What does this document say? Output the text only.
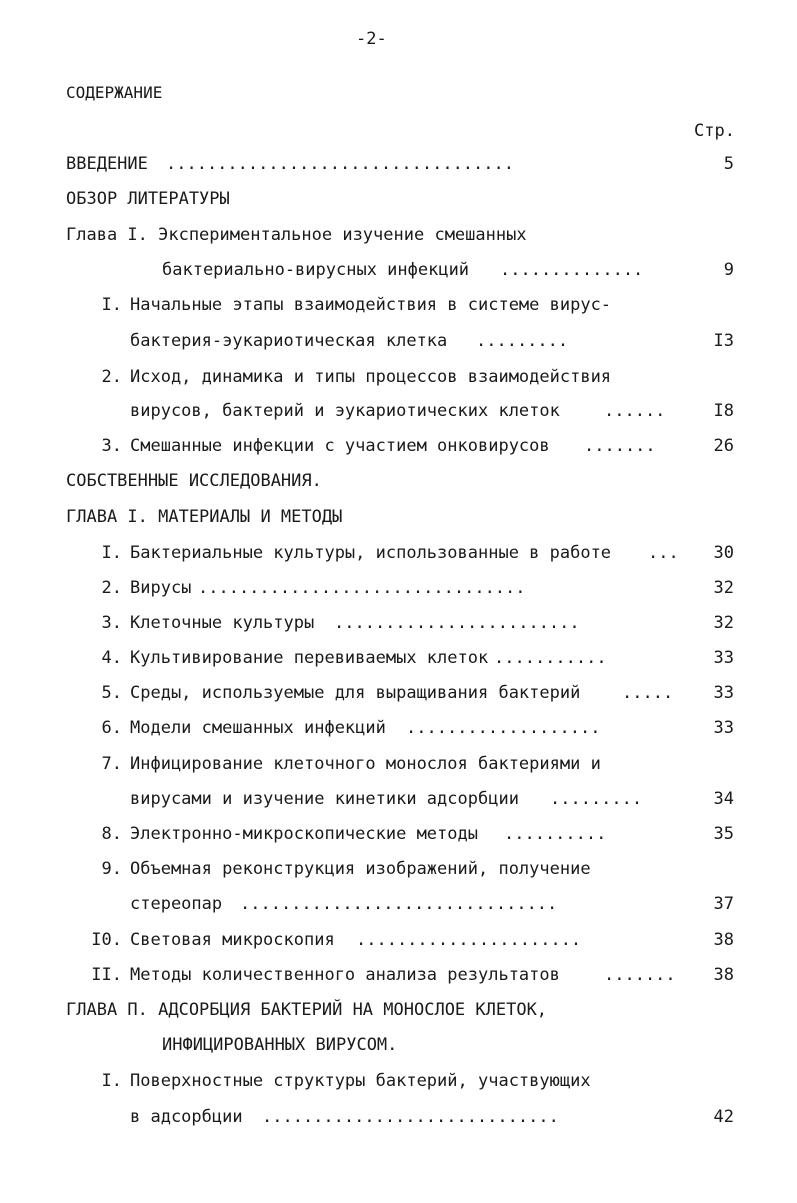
-2-
СОДЕРЖАНИЕ
Стр.
ВВЕДЕНИЕ ..................................	5
ОБЗОР ЛИТЕРАТУРЫ
Глава I. Экспериментальное изучение смешанных
бактериально-вирусных инфекций ..............	9
I. Начальные этапы взаимодействия в системе вирус-
бактерия-эукариотическая клетка .........	I3
2. Исход, динамика и типы процессов взаимодействия
вирусов, бактерий и эукариотических клеток	......	I8
3. Смешанные инфекции с участием онковирусов .......	26
СОБСТВЕННЫЕ ИССЛЕДОВАНИЯ.
ГЛАВА I. МАТЕРИАЛЫ И МЕТОДЫ
I. Бактериальные культуры, использованные в работе ...	30
2. Вирусы ................................	32
3. Клеточные культуры ........................	32
4. Культивирование перевиваемых клеток ...........	33
5. Среды, используемые для выращивания бактерий .....	33
6. Модели смешанных инфекций ...................	33
7. Инфицирование клеточного монослоя бактериями и
вирусами и изучение кинетики адсорбции .........	34
8. Электронно-микроскопические методы ..........	35
9. Объемная реконструкция изображений, получение
стереопар ...............................	37
I0. Световая микроскопия ......................	38
II. Методы количественного анализа результатов	.......	38
ГЛАВА П. АДСОРБЦИЯ БАКТЕРИЙ НА МОНОСЛОЕ КЛЕТОК,
ИНФИЦИРОВАННЫХ ВИРУСОМ.
I. Поверхностные структуры бактерий, участвующих
в адсорбции .............................	42
